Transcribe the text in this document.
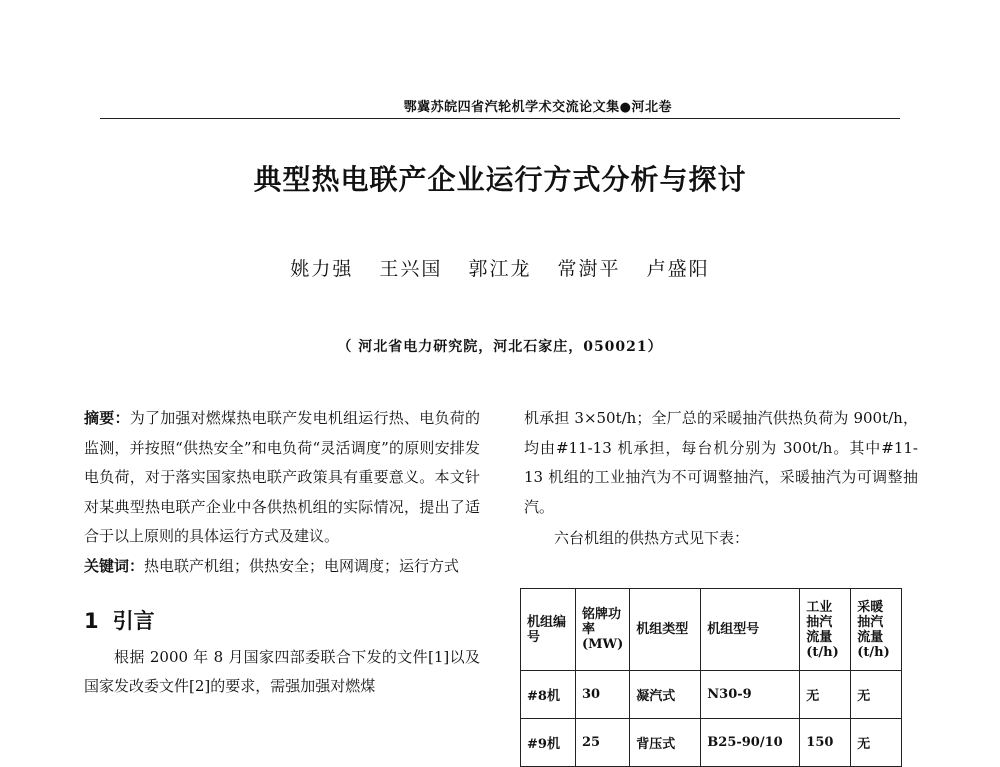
鄂冀苏皖四省汽轮机学术交流论文集●河北卷
典型热电联产企业运行方式分析与探讨
姚力强 王兴国 郭江龙 常澍平 卢盛阳
（ 河北省电力研究院，河北石家庄，050021）

摘要：为了加强对燃煤热电联产发电机组运行热、电负荷的监测，并按照“供热安全”和电负荷“灵活调度”的原则安排发电负荷，对于落实国家热电联产政策具有重要意义。本文针对某典型热电联产企业中各供热机组的实际情况，提出了适合于以上原则的具体运行方式及建议。

关键词：热电联产机组；供热安全；电网调度；运行方式

1 引言

根据 2000 年 8 月国家四部委联合下发的文件[1]以及国家发改委文件[2]的要求，需强加强对燃煤

机承担 3×50t/h；全厂总的采暖抽汽供热负荷为 900t/h，均由#11-13 机承担，每台机分别为 300t/h。其中#11-13 机组的工业抽汽为不可调整抽汽，采暖抽汽为可调整抽汽。

六台机组的供热方式见下表：

机组编号	铭牌功率(MW)	机组类型	机组型号	工业抽汽流量(t/h)	采暖抽汽流量(t/h)
#8机	30	凝汽式	N30-9	无	无
#9机	25	背压式	B25-90/10	150	无
